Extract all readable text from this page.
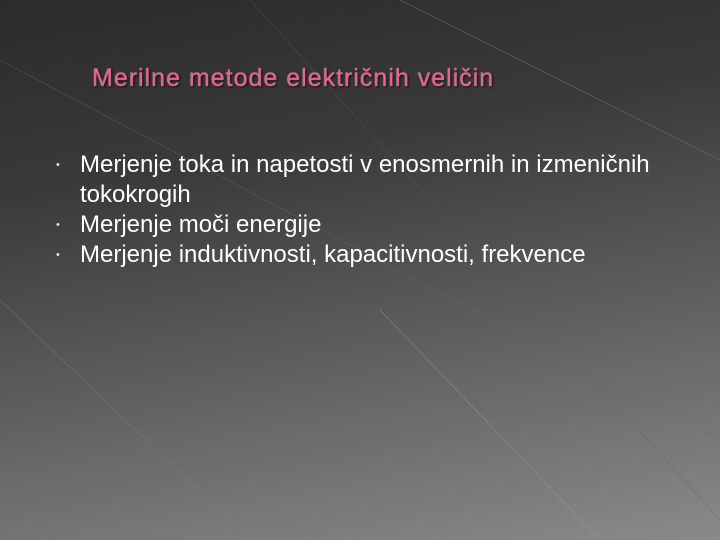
Merilne metode električnih veličin
• Merjenje toka in napetosti v enosmernih in izmeničnih tokokrogih
• Merjenje moči energije
• Merjenje induktivnosti, kapacitivnosti, frekvence
